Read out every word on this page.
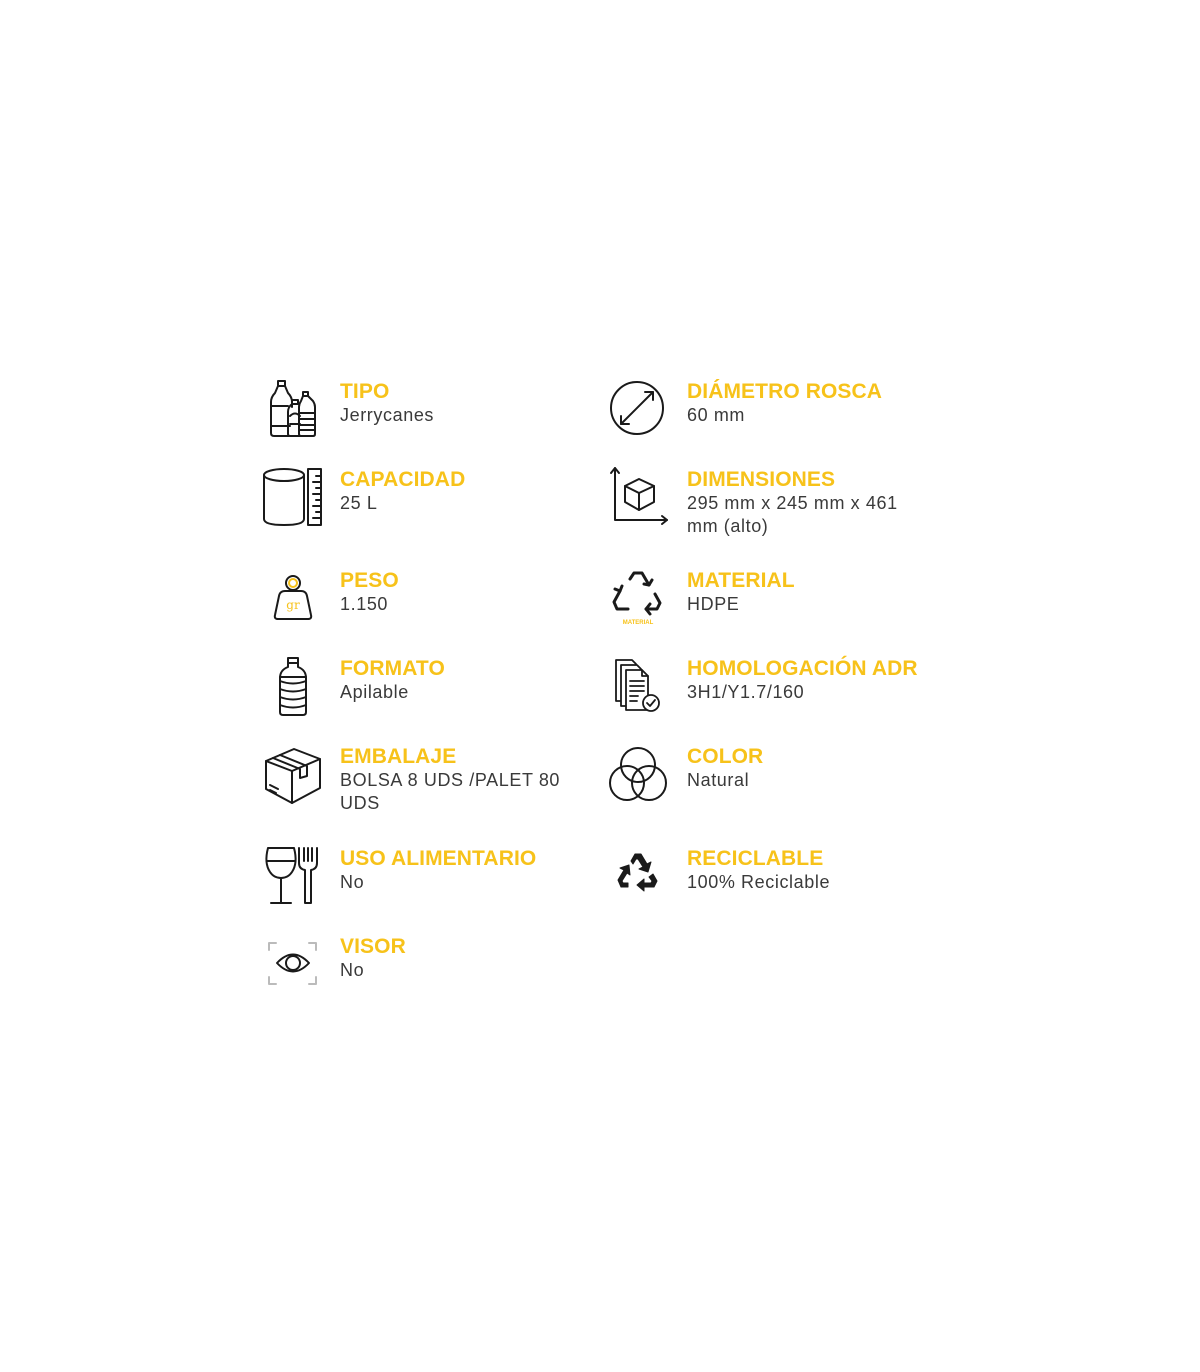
TIPO
Jerrycanes
CAPACIDAD
25 L
gr
PESO
1.150
FORMATO
Apilable
EMBALAJE
BOLSA 8 UDS /PALET 80 UDS
USO ALIMENTARIO
No
VISOR
No
DIÁMETRO ROSCA
60 mm
DIMENSIONES
295 mm x 245 mm x 461 mm (alto)
MATERIAL
MATERIAL
HDPE
HOMOLOGACIÓN ADR
3H1/Y1.7/160
COLOR
Natural
RECICLABLE
100% Reciclable
